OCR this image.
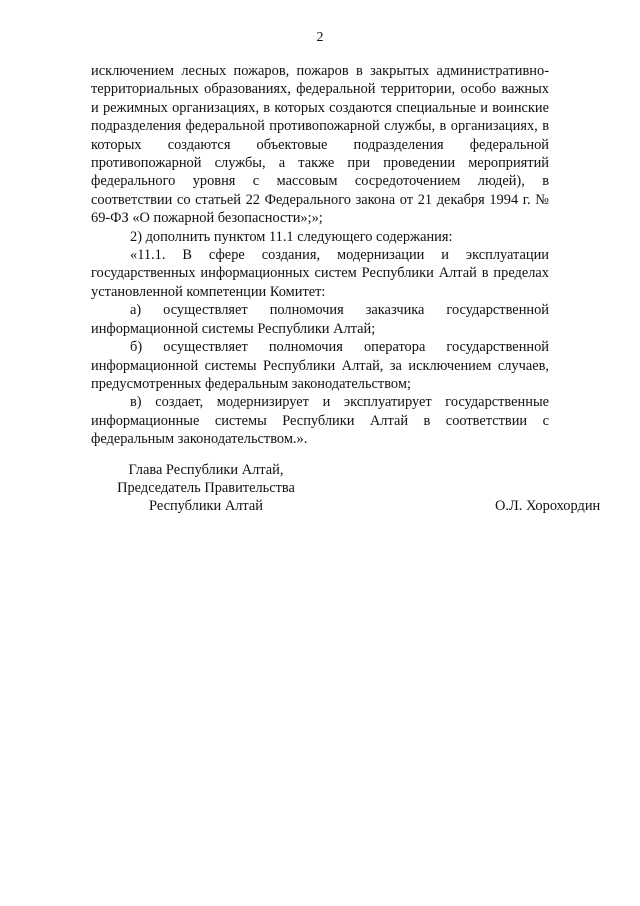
2

исключением лесных пожаров, пожаров в закрытых административно-территориальных образованиях, федеральной территории, особо важных и режимных организациях, в которых создаются специальные и воинские подразделения федеральной противопожарной службы, в организациях, в которых создаются объектовые подразделения федеральной противопожарной службы, а также при проведении мероприятий федерального уровня с массовым сосредоточением людей), в соответствии со статьей 22 Федерального закона от 21 декабря 1994 г. № 69-ФЗ «О пожарной безопасности»;»;

2) дополнить пунктом 11.1 следующего содержания:

«11.1. В сфере создания, модернизации и эксплуатации государственных информационных систем Республики Алтай в пределах установленной компетенции Комитет:

а) осуществляет полномочия заказчика государственной информационной системы Республики Алтай;

б) осуществляет полномочия оператора государственной информационной системы Республики Алтай, за исключением случаев, предусмотренных федеральным законодательством;

в) создает, модернизирует и эксплуатирует государственные информационные системы Республики Алтай в соответствии с федеральным законодательством.».

Глава Республики Алтай,
Председатель Правительства
Республики Алтай	О.Л. Хорохордин
